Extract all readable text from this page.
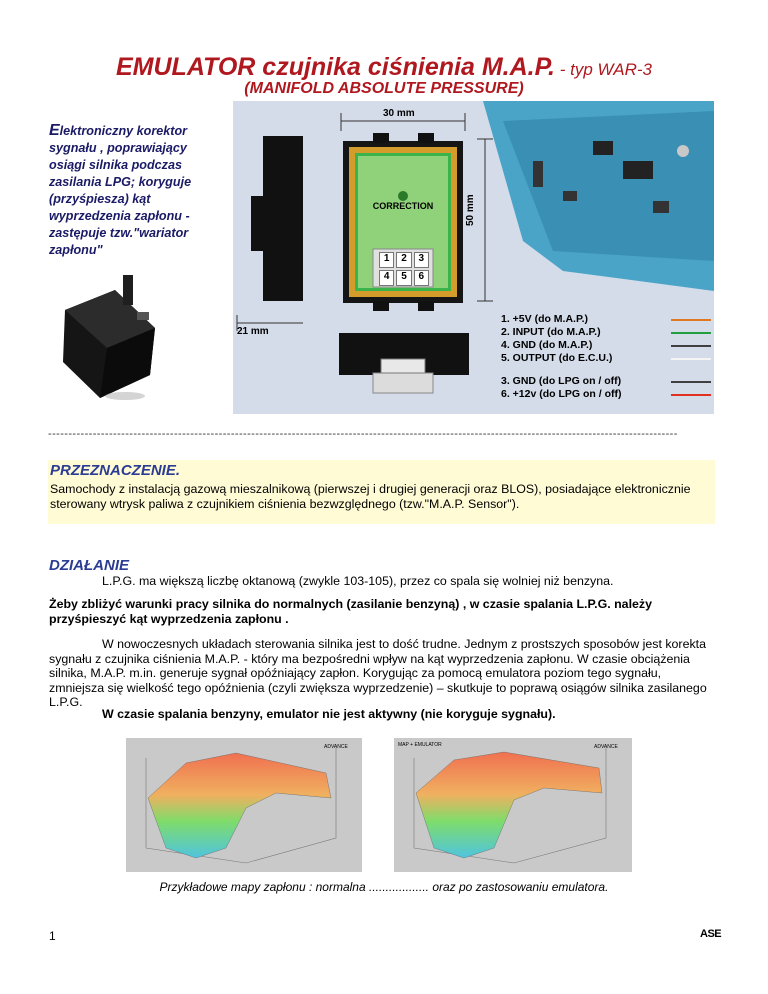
EMULATOR czujnika ciśnienia M.A.P. - typ WAR-3
(MANIFOLD ABSOLUTE PRESSURE)
Elektroniczny korektor sygnału , poprawiający osiągi silnika podczas zasilania LPG; koryguje (przyśpiesza) kąt wyprzedzenia zapłonu - zastępuje tzw."wariator zapłonu"
30 mm
50 mm
21 mm
CORRECTION
1	2	3
4	5	6
1. +5V (do M.A.P.)
2. INPUT (do M.A.P.)
4. GND (do M.A.P.)
5. OUTPUT (do E.C.U.)
3. GND (do LPG on / off)
6. +12v (do LPG on / off)
-----------------------------------------------------------------------------------------------------------------------------------------------------------
PRZEZNACZENIE.
Samochody z instalacją gazową mieszalnikową (pierwszej i drugiej generacji oraz BLOS), posiadające elektronicznie sterowany wtrysk paliwa z czujnikiem ciśnienia bezwzględnego (tzw."M.A.P. Sensor").
DZIAŁANIE
L.P.G. ma większą liczbę oktanową (zwykle 103-105), przez co spala się wolniej niż benzyna.
Żeby zbliżyć warunki pracy silnika do normalnych (zasilanie benzyną) , w czasie spalania L.P.G. należy przyśpieszyć kąt wyprzedzenia zapłonu .
W nowoczesnych układach sterowania silnika jest to dość trudne. Jednym z prostszych sposobów jest korekta sygnału z czujnika ciśnienia M.A.P. - który ma bezpośredni wpływ na kąt wyprzedzenia zapłonu. W czasie obciążenia silnika, M.A.P. m.in. generuje sygnał opóźniający zapłon. Korygując za pomocą emulatora poziom tego sygnału, zmniejsza się wielkość tego opóźnienia (czyli zwiększa wyprzedzenie) – skutkuje to poprawą osiągów silnika zasilanego L.P.G.
W czasie spalania benzyny, emulator nie jest aktywny (nie koryguje sygnału).
ADVANCE	MAP + EMULATOR	ADVANCE
Przykładowe mapy zapłonu : normalna .................. oraz po zastosowaniu emulatora.
1	ASE
